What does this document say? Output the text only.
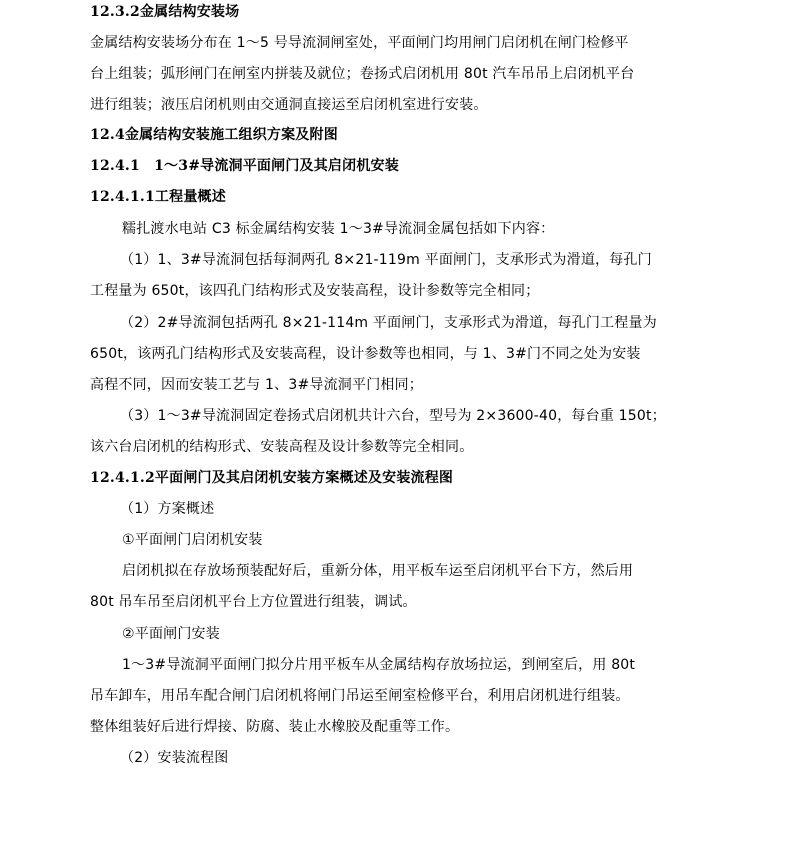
12.3.2金属结构安装场
金属结构安装场分布在 1～5 号导流洞闸室处，平面闸门均用闸门启闭机在闸门检修平
台上组装；弧形闸门在闸室内拼装及就位；卷扬式启闭机用 80t 汽车吊吊上启闭机平台
进行组装；液压启闭机则由交通洞直接运至启闭机室进行安装。
12.4金属结构安装施工组织方案及附图
12.4.1　1～3#导流洞平面闸门及其启闭机安装
12.4.1.1工程量概述
糯扎渡水电站 C3 标金属结构安装 1～3#导流洞金属包括如下内容：
（1）1、3#导流洞包括每洞两孔 8×21-119m 平面闸门，支承形式为滑道，每孔门
工程量为 650t，该四孔门结构形式及安装高程，设计参数等完全相同；
（2）2#导流洞包括两孔 8×21-114m 平面闸门，支承形式为滑道，每孔门工程量为
650t，该两孔门结构形式及安装高程，设计参数等也相同，与 1、3#门不同之处为安装
高程不同，因而安装工艺与 1、3#导流洞平门相同；
（3）1～3#导流洞固定卷扬式启闭机共计六台，型号为 2×3600-40，每台重 150t；
该六台启闭机的结构形式、安装高程及设计参数等完全相同。
12.4.1.2平面闸门及其启闭机安装方案概述及安装流程图
（1）方案概述
①平面闸门启闭机安装
启闭机拟在存放场预装配好后，重新分体，用平板车运至启闭机平台下方，然后用
80t 吊车吊至启闭机平台上方位置进行组装，调试。
②平面闸门安装
1～3#导流洞平面闸门拟分片用平板车从金属结构存放场拉运，到闸室后，用 80t
吊车卸车，用吊车配合闸门启闭机将闸门吊运至闸室检修平台，利用启闭机进行组装。
整体组装好后进行焊接、防腐、装止水橡胶及配重等工作。
（2）安装流程图
